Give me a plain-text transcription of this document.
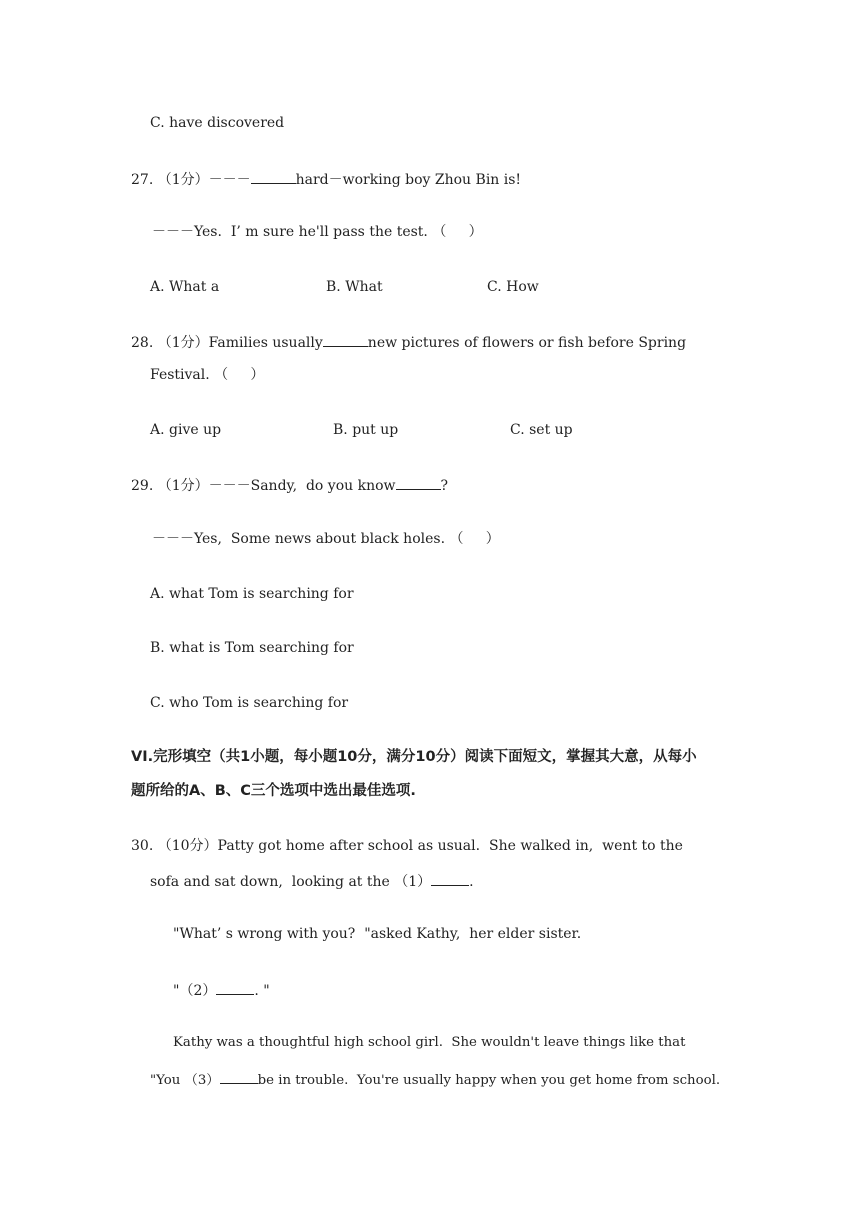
C. have discovered
27. （1分）－－－	hard－working boy Zhou Bin is!
－－－Yes.  I’ m sure he'll pass the test. （     ）
A. What a	B. What	C. How
28. （1分）Families usually	new pictures of flowers or fish before Spring
Festival. （     ）
A. give up	B. put up	C. set up
29. （1分）－－－Sandy,  do you know	?
－－－Yes,  Some news about black holes. （     ）
A. what Tom is searching for
B. what is Tom searching for
C. who Tom is searching for
VI.完形填空（共1小题，每小题10分，满分10分）阅读下面短文，掌握其大意，从每小
题所给的A、B、C三个选项中选出最佳选项.
30. （10分）Patty got home after school as usual.  She walked in,  went to the
sofa and sat down,  looking at the （1）	.
"What’ s wrong with you?  "asked Kathy,  her elder sister.
"（2）	. "
Kathy was a thoughtful high school girl.  She wouldn't leave things like that
"You （3）	be in trouble.  You're usually happy when you get home from school.
